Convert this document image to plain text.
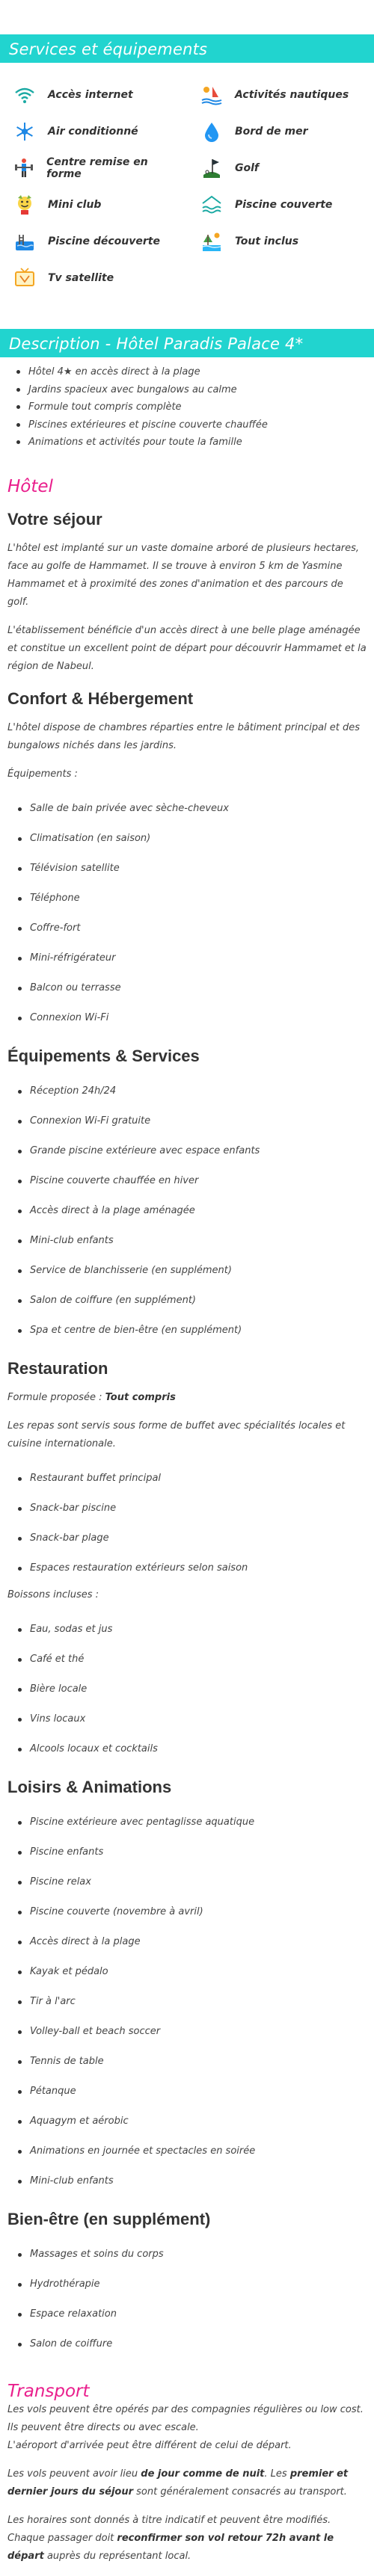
Services et équipements
Accès internet	Activités nautiques
Air conditionné	Bord de mer
Centre remise en forme	Golf
Mini club	Piscine couverte
Piscine découverte	Tout inclus
Tv satellite
Description - Hôtel Paradis Palace 4*
Hôtel 4★ en accès direct à la plage
Jardins spacieux avec bungalows au calme
Formule tout compris complète
Piscines extérieures et piscine couverte chauffée
Animations et activités pour toute la famille
Hôtel
Votre séjour

L'hôtel est implanté sur un vaste domaine arboré de plusieurs hectares, face au golfe de Hammamet. Il se trouve à environ 5 km de Yasmine Hammamet et à proximité des zones d'animation et des parcours de golf.

L'établissement bénéficie d'un accès direct à une belle plage aménagée et constitue un excellent point de départ pour découvrir Hammamet et la région de Nabeul.

Confort & Hébergement

L'hôtel dispose de chambres réparties entre le bâtiment principal et des bungalows nichés dans les jardins.

Équipements :

Salle de bain privée avec sèche-cheveux
Climatisation (en saison)
Télévision satellite
Téléphone
Coffre-fort
Mini-réfrigérateur
Balcon ou terrasse
Connexion Wi-Fi
Équipements & Services
Réception 24h/24
Connexion Wi-Fi gratuite
Grande piscine extérieure avec espace enfants
Piscine couverte chauffée en hiver
Accès direct à la plage aménagée
Mini-club enfants
Service de blanchisserie (en supplément)
Salon de coiffure (en supplément)
Spa et centre de bien-être (en supplément)
Restauration

Formule proposée : Tout compris

Les repas sont servis sous forme de buffet avec spécialités locales et cuisine internationale.

Restaurant buffet principal
Snack-bar piscine
Snack-bar plage
Espaces restauration extérieurs selon saison

Boissons incluses :

Eau, sodas et jus
Café et thé
Bière locale
Vins locaux
Alcools locaux et cocktails
Loisirs & Animations
Piscine extérieure avec pentaglisse aquatique
Piscine enfants
Piscine relax
Piscine couverte (novembre à avril)
Accès direct à la plage
Kayak et pédalo
Tir à l'arc
Volley-ball et beach soccer
Tennis de table
Pétanque
Aquagym et aérobic
Animations en journée et spectacles en soirée
Mini-club enfants
Bien-être (en supplément)
Massages et soins du corps
Hydrothérapie
Espace relaxation
Salon de coiffure
Transport

Les vols peuvent être opérés par des compagnies régulières ou low cost. Ils peuvent être directs ou avec escale.
L'aéroport d'arrivée peut être différent de celui de départ.

Les vols peuvent avoir lieu de jour comme de nuit. Les premier et dernier jours du séjour sont généralement consacrés au transport.

Les horaires sont donnés à titre indicatif et peuvent être modifiés.
Chaque passager doit reconfirmer son vol retour 72h avant le départ auprès du représentant local.
